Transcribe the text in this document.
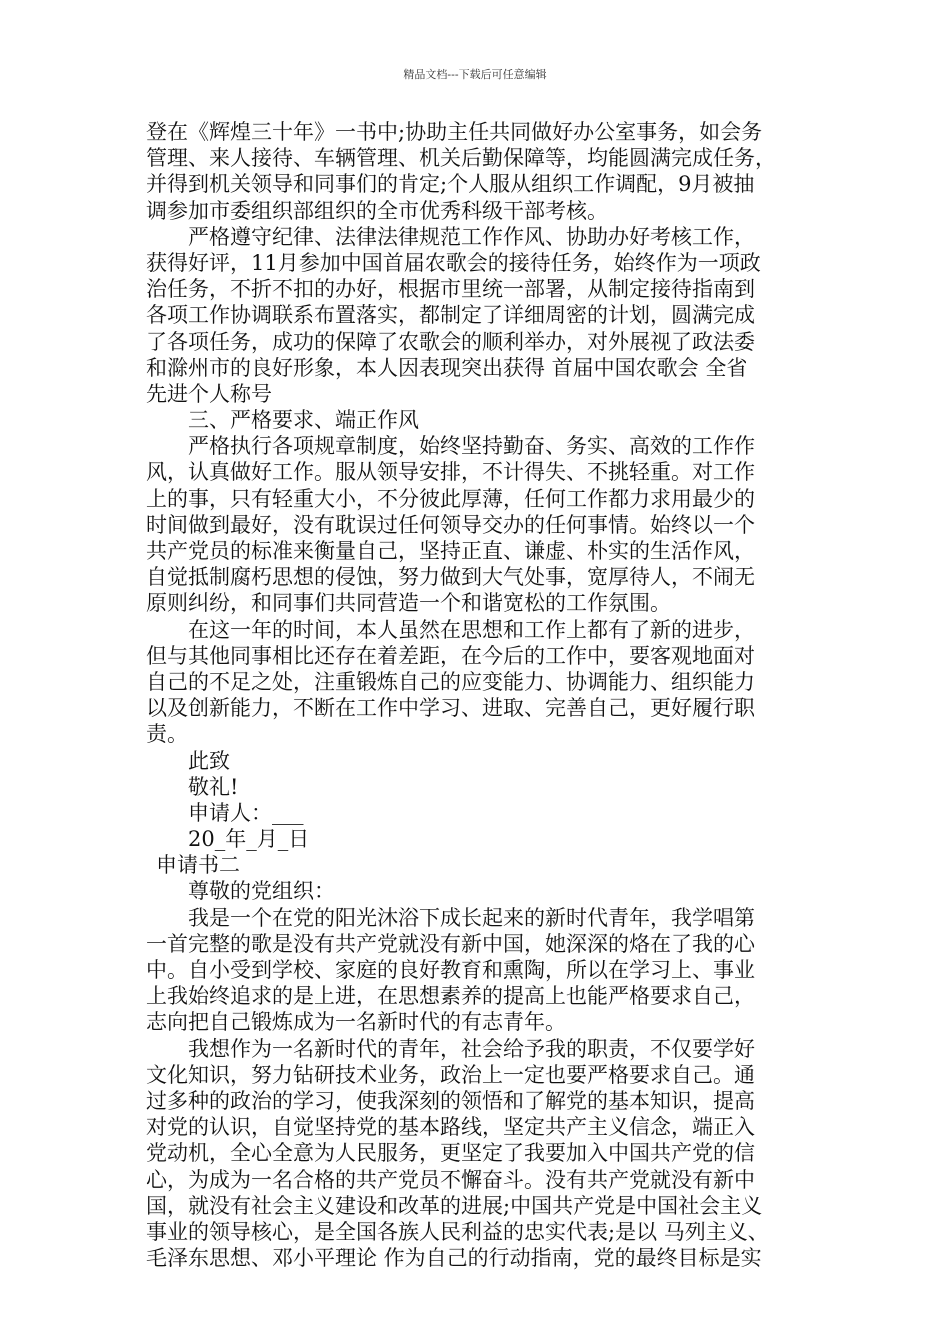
精品文档---下载后可任意编辑
登在《辉煌三十年》一书中;协助主任共同做好办公室事务，如会务
管理、来人接待、车辆管理、机关后勤保障等，均能圆满完成任务，
并得到机关领导和同事们的肯定;个人服从组织工作调配，9月被抽
调参加市委组织部组织的全市优秀科级干部考核。
严格遵守纪律、法律法律规范工作作风、协助办好考核工作，
获得好评，11月参加中国首届农歌会的接待任务，始终作为一项政
治任务，不折不扣的办好，根据市里统一部署，从制定接待指南到
各项工作协调联系布置落实，都制定了详细周密的计划，圆满完成
了各项任务，成功的保障了农歌会的顺利举办，对外展视了政法委
和滁州市的良好形象，本人因表现突出获得 首届中国农歌会 全省
先进个人称号
三、严格要求、端正作风
严格执行各项规章制度，始终坚持勤奋、务实、高效的工作作
风，认真做好工作。服从领导安排，不计得失、不挑轻重。对工作
上的事，只有轻重大小，不分彼此厚薄，任何工作都力求用最少的
时间做到最好，没有耽误过任何领导交办的任何事情。始终以一个
共产党员的标准来衡量自己，坚持正直、谦虚、朴实的生活作风，
自觉抵制腐朽思想的侵蚀，努力做到大气处事，宽厚待人，不闹无
原则纠纷，和同事们共同营造一个和谐宽松的工作氛围。
在这一年的时间，本人虽然在思想和工作上都有了新的进步，
但与其他同事相比还存在着差距，在今后的工作中，要客观地面对
自己的不足之处，注重锻炼自己的应变能力、协调能力、组织能力
以及创新能力，不断在工作中学习、进取、完善自己，更好履行职
责。
此致
敬礼!
申请人：___
20_年_月_日
申请书二
尊敬的党组织：
我是一个在党的阳光沐浴下成长起来的新时代青年，我学唱第
一首完整的歌是没有共产党就没有新中国，她深深的烙在了我的心
中。自小受到学校、家庭的良好教育和熏陶，所以在学习上、事业
上我始终追求的是上进，在思想素养的提高上也能严格要求自己，
志向把自己锻炼成为一名新时代的有志青年。
我想作为一名新时代的青年，社会给予我的职责，不仅要学好
文化知识，努力钻研技术业务，政治上一定也要严格要求自己。通
过多种的政治的学习，使我深刻的领悟和了解党的基本知识，提高
对党的认识，自觉坚持党的基本路线，坚定共产主义信念，端正入
党动机，全心全意为人民服务，更坚定了我要加入中国共产党的信
心，为成为一名合格的共产党员不懈奋斗。没有共产党就没有新中
国，就没有社会主义建设和改革的进展;中国共产党是中国社会主义
事业的领导核心，是全国各族人民利益的忠实代表;是以 马列主义、
毛泽东思想、邓小平理论 作为自己的行动指南，党的最终目标是实
